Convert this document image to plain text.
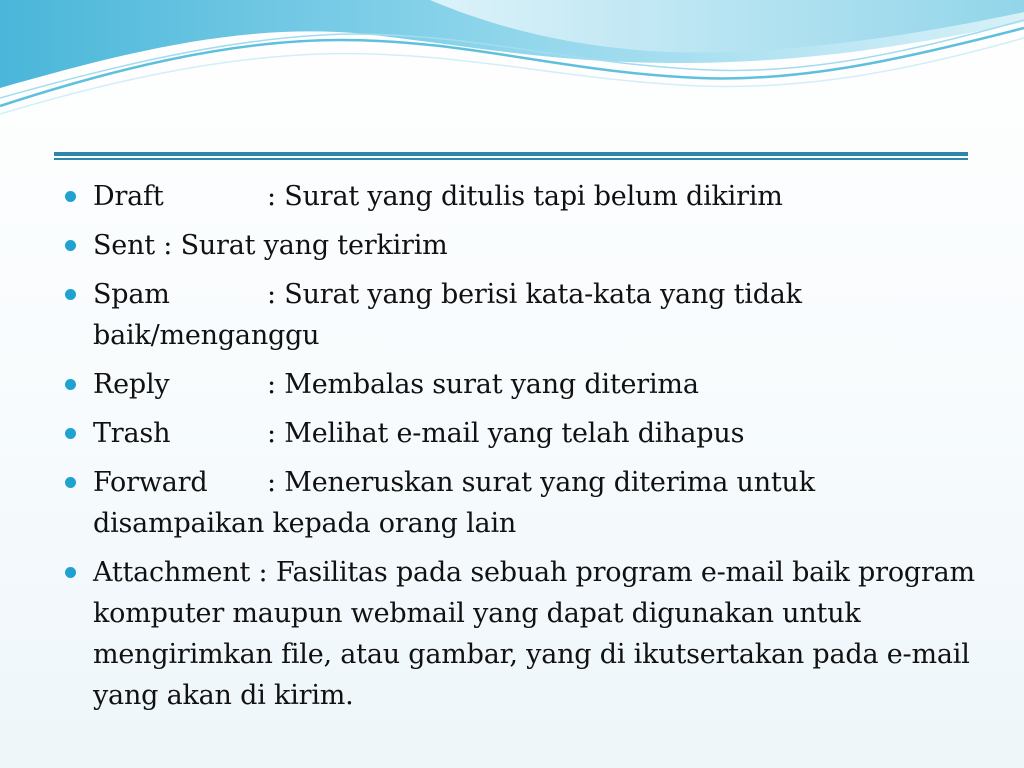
Draft	: Surat yang ditulis tapi belum dikirim
Sent : Surat yang terkirim
Spam	: Surat yang berisi kata-kata yang tidak baik/menganggu
Reply	: Membalas surat yang diterima
Trash	: Melihat e-mail yang telah dihapus
Forward : Meneruskan surat yang diterima untuk disampaikan kepada orang lain
Attachment : Fasilitas pada sebuah program e-mail baik program komputer maupun webmail yang dapat digunakan untuk mengirimkan file, atau gambar, yang di ikutsertakan pada e-mail yang akan di kirim.
